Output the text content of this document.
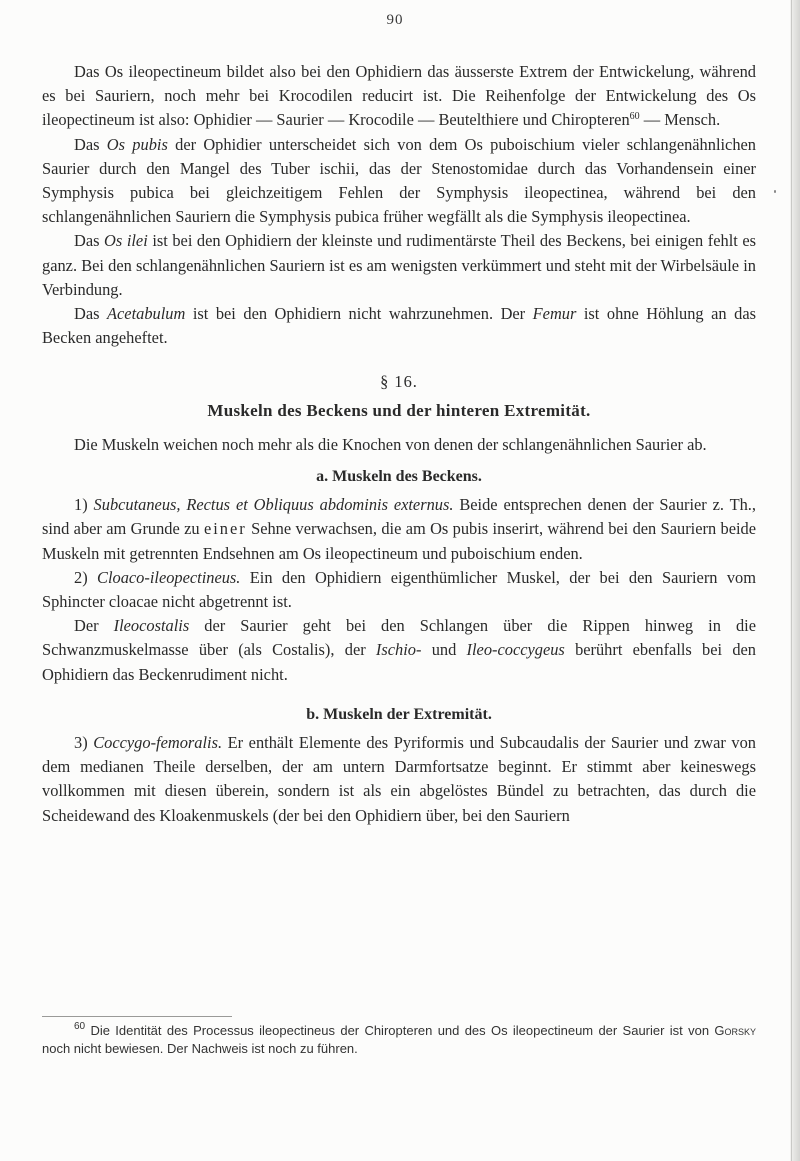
90

Das Os ileopectineum bildet also bei den Ophidiern das äusserste Extrem der Entwickelung, während es bei Sauriern, noch mehr bei Krocodilen reducirt ist. Die Reihenfolge der Entwickelung des Os ileopectineum ist also: Ophidier — Saurier — Krocodile — Beutelthiere und Chiropteren$^{60}$ — Mensch.

Das Os pubis der Ophidier unterscheidet sich von dem Os puboischium vieler schlangenähnlichen Saurier durch den Mangel des Tuber ischii, das der Stenostomidae durch das Vorhandensein einer Symphysis pubica bei gleichzeitigem Fehlen der Symphysis ileopectinea, während bei den schlangenähnlichen Sauriern die Symphysis pubica früher wegfällt als die Symphysis ileopectinea.

Das Os ilei ist bei den Ophidiern der kleinste und rudimentärste Theil des Beckens, bei einigen fehlt es ganz. Bei den schlangenähnlichen Sauriern ist es am wenigsten verkümmert und steht mit der Wirbelsäule in Verbindung.

Das Acetabulum ist bei den Ophidiern nicht wahrzunehmen. Der Femur ist ohne Höhlung an das Becken angeheftet.

§ 16.

Muskeln des Beckens und der hinteren Extremität.

Die Muskeln weichen noch mehr als die Knochen von denen der schlangenähnlichen Saurier ab.

a. Muskeln des Beckens.

1) Subcutaneus, Rectus et Obliquus abdominis externus. Beide entsprechen denen der Saurier z. Th., sind aber am Grunde zu einer Sehne verwachsen, die am Os pubis inserirt, während bei den Sauriern beide Muskeln mit getrennten Endsehnen am Os ileopectineum und puboischium enden.

2) Cloaco-ileopectineus. Ein den Ophidiern eigenthümlicher Muskel, der bei den Sauriern vom Sphincter cloacae nicht abgetrennt ist.

Der Ileocostalis der Saurier geht bei den Schlangen über die Rippen hinweg in die Schwanzmuskelmasse über (als Costalis), der Ischio- und Ileo-coccygeus berührt ebenfalls bei den Ophidiern das Beckenrudiment nicht.

b. Muskeln der Extremität.

3) Coccygo-femoralis. Er enthält Elemente des Pyriformis und Subcaudalis der Saurier und zwar von dem medianen Theile derselben, der am untern Darmfortsatze beginnt. Er stimmt aber keineswegs vollkommen mit diesen überein, sondern ist als ein abgelöstes Bündel zu betrachten, das durch die Scheidewand des Kloakenmuskels (der bei den Ophidiern über, bei den Sauriern

$^{60}$ Die Identität des Processus ileopectineus der Chiropteren und des Os ileopectineum der Saurier ist von Gorsky noch nicht bewiesen. Der Nachweis ist noch zu führen.
